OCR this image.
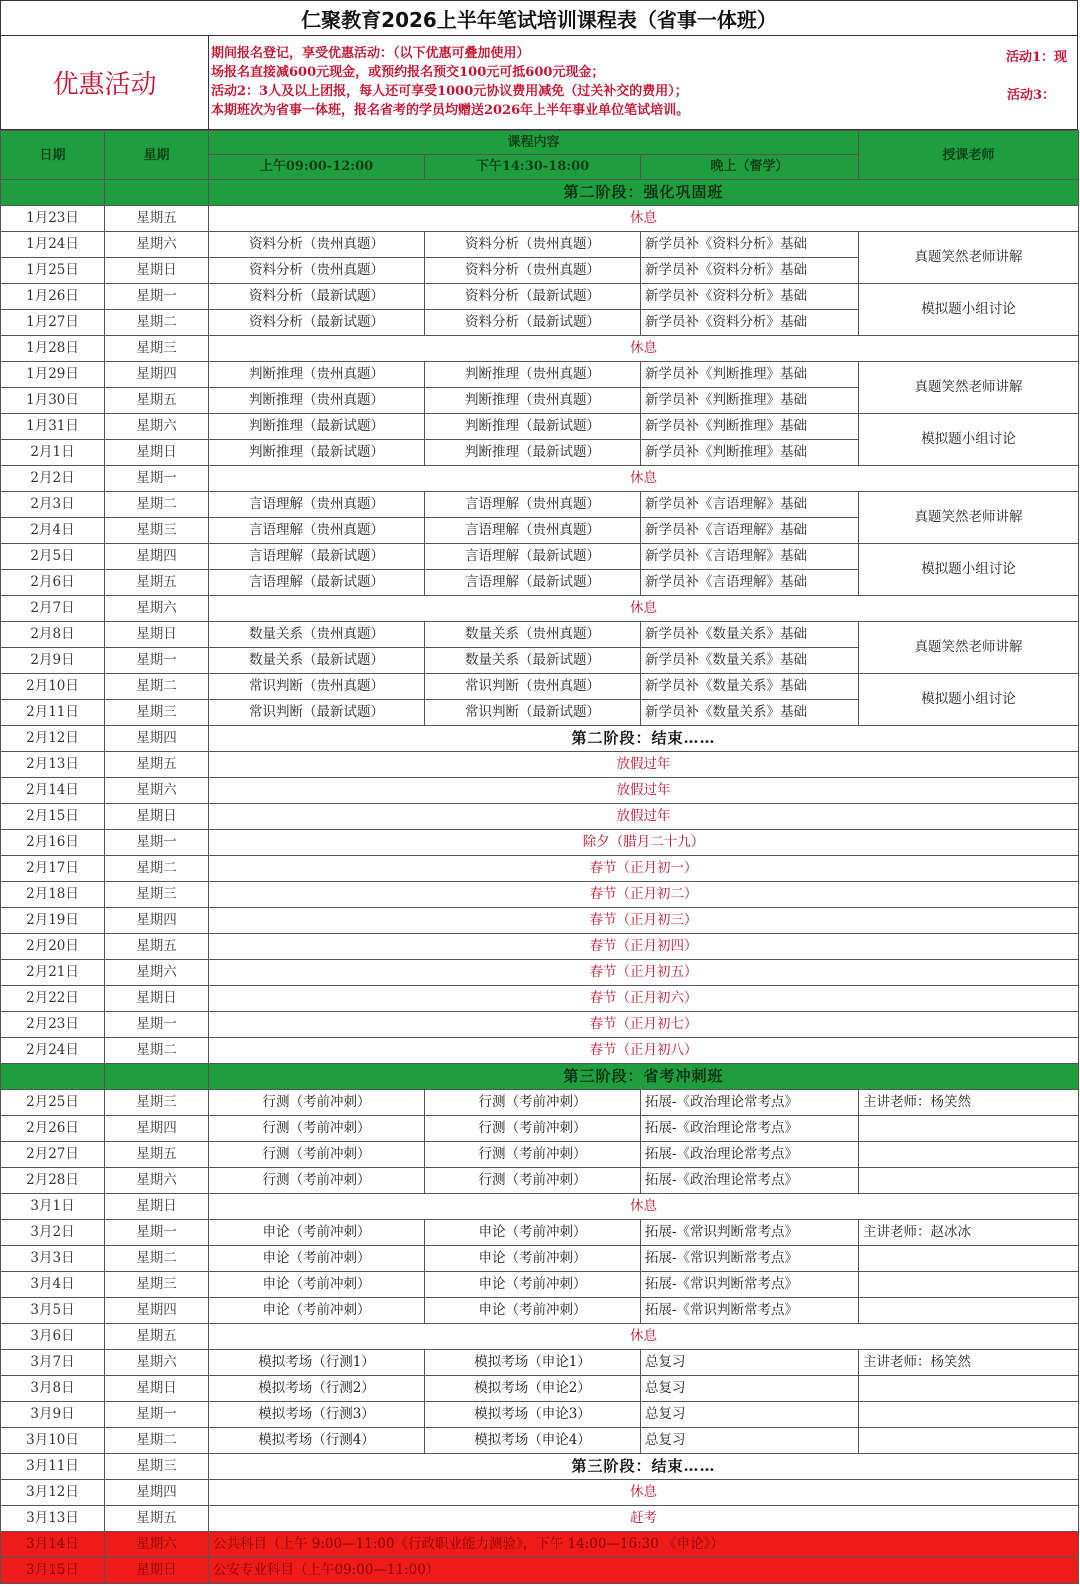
仁聚教育2026上半年笔试培训课程表（省事一体班）
优惠活动
期间报名登记，享受优惠活动：（以下优惠可叠加使用）
场报名直接减600元现金，或预约报名预交100元可抵600元现金；
活动2：3人及以上团报，每人还可享受1000元协议费用减免（过关补交的费用）；
本期班次为省事一体班，报名省考的学员均赠送2026年上半年事业单位笔试培训。
活动1：现
活动3：
日期	星期	课程内容			授课老师
		上午09:00-12:00	下午14:30-18:00	晚上（督学）	
		第二阶段：强化巩固班			
1月23日	星期五	休息			
1月24日	星期六	资料分析（贵州真题）	资料分析（贵州真题）	新学员补《资料分析》基础	真题笑然老师讲解
1月25日	星期日	资料分析（贵州真题）	资料分析（贵州真题）	新学员补《资料分析》基础	
1月26日	星期一	资料分析（最新试题）	资料分析（最新试题）	新学员补《资料分析》基础	模拟题小组讨论
1月27日	星期二	资料分析（最新试题）	资料分析（最新试题）	新学员补《资料分析》基础	
1月28日	星期三	休息			
1月29日	星期四	判断推理（贵州真题）	判断推理（贵州真题）	新学员补《判断推理》基础	真题笑然老师讲解
1月30日	星期五	判断推理（贵州真题）	判断推理（贵州真题）	新学员补《判断推理》基础	
1月31日	星期六	判断推理（最新试题）	判断推理（最新试题）	新学员补《判断推理》基础	模拟题小组讨论
2月1日	星期日	判断推理（最新试题）	判断推理（最新试题）	新学员补《判断推理》基础	
2月2日	星期一	休息			
2月3日	星期二	言语理解（贵州真题）	言语理解（贵州真题）	新学员补《言语理解》基础	真题笑然老师讲解
2月4日	星期三	言语理解（贵州真题）	言语理解（贵州真题）	新学员补《言语理解》基础	
2月5日	星期四	言语理解（最新试题）	言语理解（最新试题）	新学员补《言语理解》基础	模拟题小组讨论
2月6日	星期五	言语理解（最新试题）	言语理解（最新试题）	新学员补《言语理解》基础	
2月7日	星期六	休息			
2月8日	星期日	数量关系（贵州真题）	数量关系（贵州真题）	新学员补《数量关系》基础	真题笑然老师讲解
2月9日	星期一	数量关系（最新试题）	数量关系（最新试题）	新学员补《数量关系》基础	
2月10日	星期二	常识判断（贵州真题）	常识判断（贵州真题）	新学员补《数量关系》基础	模拟题小组讨论
2月11日	星期三	常识判断（最新试题）	常识判断（最新试题）	新学员补《数量关系》基础	
2月12日	星期四	第二阶段：结束……			
2月13日	星期五	放假过年			
2月14日	星期六	放假过年			
2月15日	星期日	放假过年			
2月16日	星期一	除夕（腊月二十九）			
2月17日	星期二	春节（正月初一）			
2月18日	星期三	春节（正月初二）			
2月19日	星期四	春节（正月初三）			
2月20日	星期五	春节（正月初四）			
2月21日	星期六	春节（正月初五）			
2月22日	星期日	春节（正月初六）			
2月23日	星期一	春节（正月初七）			
2月24日	星期二	春节（正月初八）			
		第三阶段：省考冲刺班			
2月25日	星期三	行测（考前冲刺）	行测（考前冲刺）	拓展-《政治理论常考点》	主讲老师：杨笑然
2月26日	星期四	行测（考前冲刺）	行测（考前冲刺）	拓展-《政治理论常考点》	
2月27日	星期五	行测（考前冲刺）	行测（考前冲刺）	拓展-《政治理论常考点》	
2月28日	星期六	行测（考前冲刺）	行测（考前冲刺）	拓展-《政治理论常考点》	
3月1日	星期日	休息			
3月2日	星期一	申论（考前冲刺）	申论（考前冲刺）	拓展-《常识判断常考点》	主讲老师：赵冰冰
3月3日	星期二	申论（考前冲刺）	申论（考前冲刺）	拓展-《常识判断常考点》	
3月4日	星期三	申论（考前冲刺）	申论（考前冲刺）	拓展-《常识判断常考点》	
3月5日	星期四	申论（考前冲刺）	申论（考前冲刺）	拓展-《常识判断常考点》	
3月6日	星期五	休息			
3月7日	星期六	模拟考场（行测1）	模拟考场（申论1）	总复习	主讲老师：杨笑然
3月8日	星期日	模拟考场（行测2）	模拟考场（申论2）	总复习	
3月9日	星期一	模拟考场（行测3）	模拟考场（申论3）	总复习	
3月10日	星期二	模拟考场（行测4）	模拟考场（申论4）	总复习	
3月11日	星期三	第三阶段：结束……			
3月12日	星期四	休息			
3月13日	星期五	赶考			
3月14日	星期六	公共科目（上午 9:00—11:00《行政职业能力测验》，下午 14:00—16:30 《申论》）			
3月15日	星期日	公安专业科目（上午09:00—11:00）			
